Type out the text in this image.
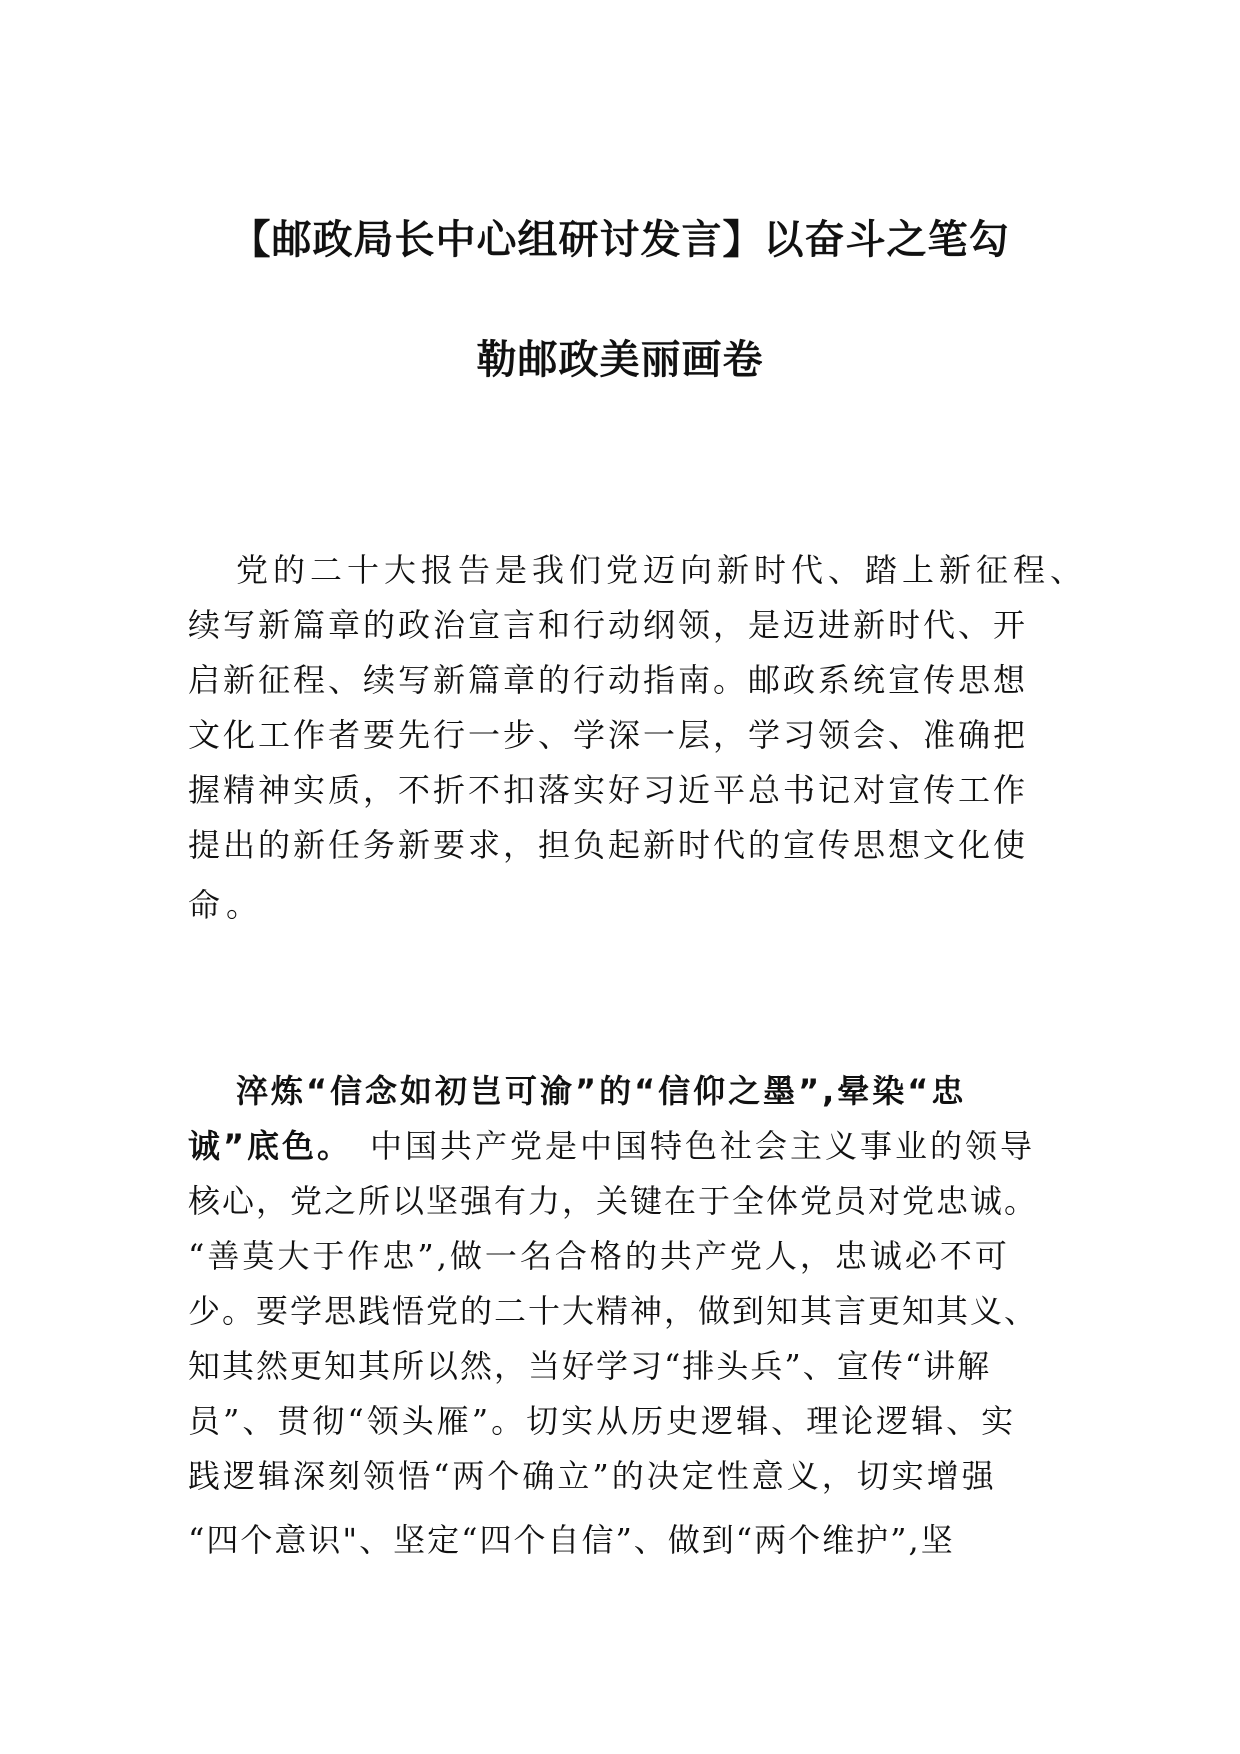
【邮政局长中心组研讨发言】以奋斗之笔勾
勒邮政美丽画卷
党的二十大报告是我们党迈向新时代、踏上新征程、
续写新篇章的政治宣言和行动纲领，是迈进新时代、开
启新征程、续写新篇章的行动指南。邮政系统宣传思想
文化工作者要先行一步、学深一层，学习领会、准确把
握精神实质，不折不扣落实好习近平总书记对宣传工作
提出的新任务新要求，担负起新时代的宣传思想文化使
命。
淬炼“信念如初岂可渝”的“信仰之墨”,晕染“忠
诚”底色。 中国共产党是中国特色社会主义事业的领导
核心，党之所以坚强有力，关键在于全体党员对党忠诚。
“善莫大于作忠”,做一名合格的共产党人，忠诚必不可
少。要学思践悟党的二十大精神，做到知其言更知其义、
知其然更知其所以然，当好学习“排头兵”、宣传“讲解
员”、贯彻“领头雁”。切实从历史逻辑、理论逻辑、实
践逻辑深刻领悟“两个确立”的决定性意义，切实增强
“四个意识"、坚定“四个自信”、做到“两个维护”,坚
